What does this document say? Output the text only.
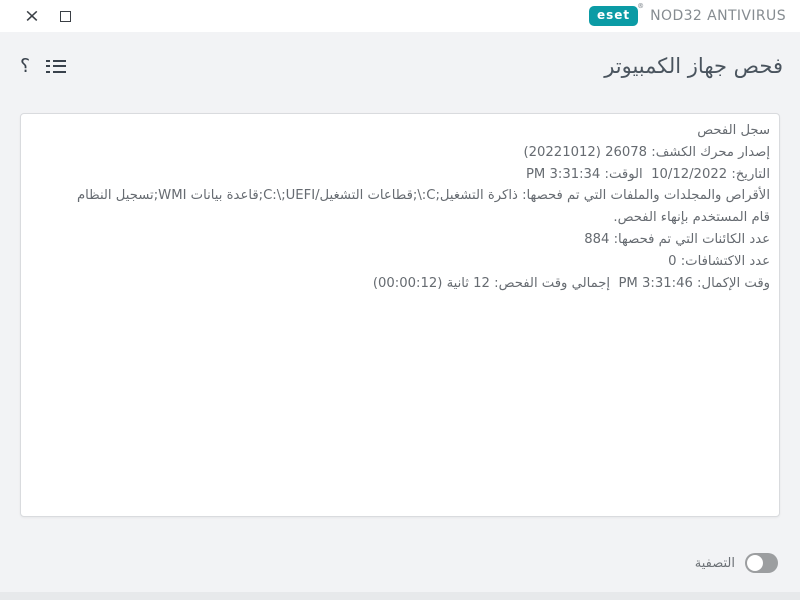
×	eset
®
NOD32 ANTIVIRUS
فحص جهاز الكمبيوتر
؟
سجل الفحص
إصدار محرك الكشف: 26078 (20221012)
التاريخ: 10/12/2022  الوقت: 3:31:34 PM
الأقراص والمجلدات والملفات التي تم فحصها: ذاكرة التشغيل;C:\;قطاعات التشغيل/C:\;UEFI;قاعدة بيانات WMI;تسجيل النظام
قام المستخدم بإنهاء الفحص.
عدد الكائنات التي تم فحصها: 884
عدد الاكتشافات: 0
وقت الإكمال: 3:31:46 PM  إجمالي وقت الفحص: 12 ثانية (00:00:12)
التصفية
